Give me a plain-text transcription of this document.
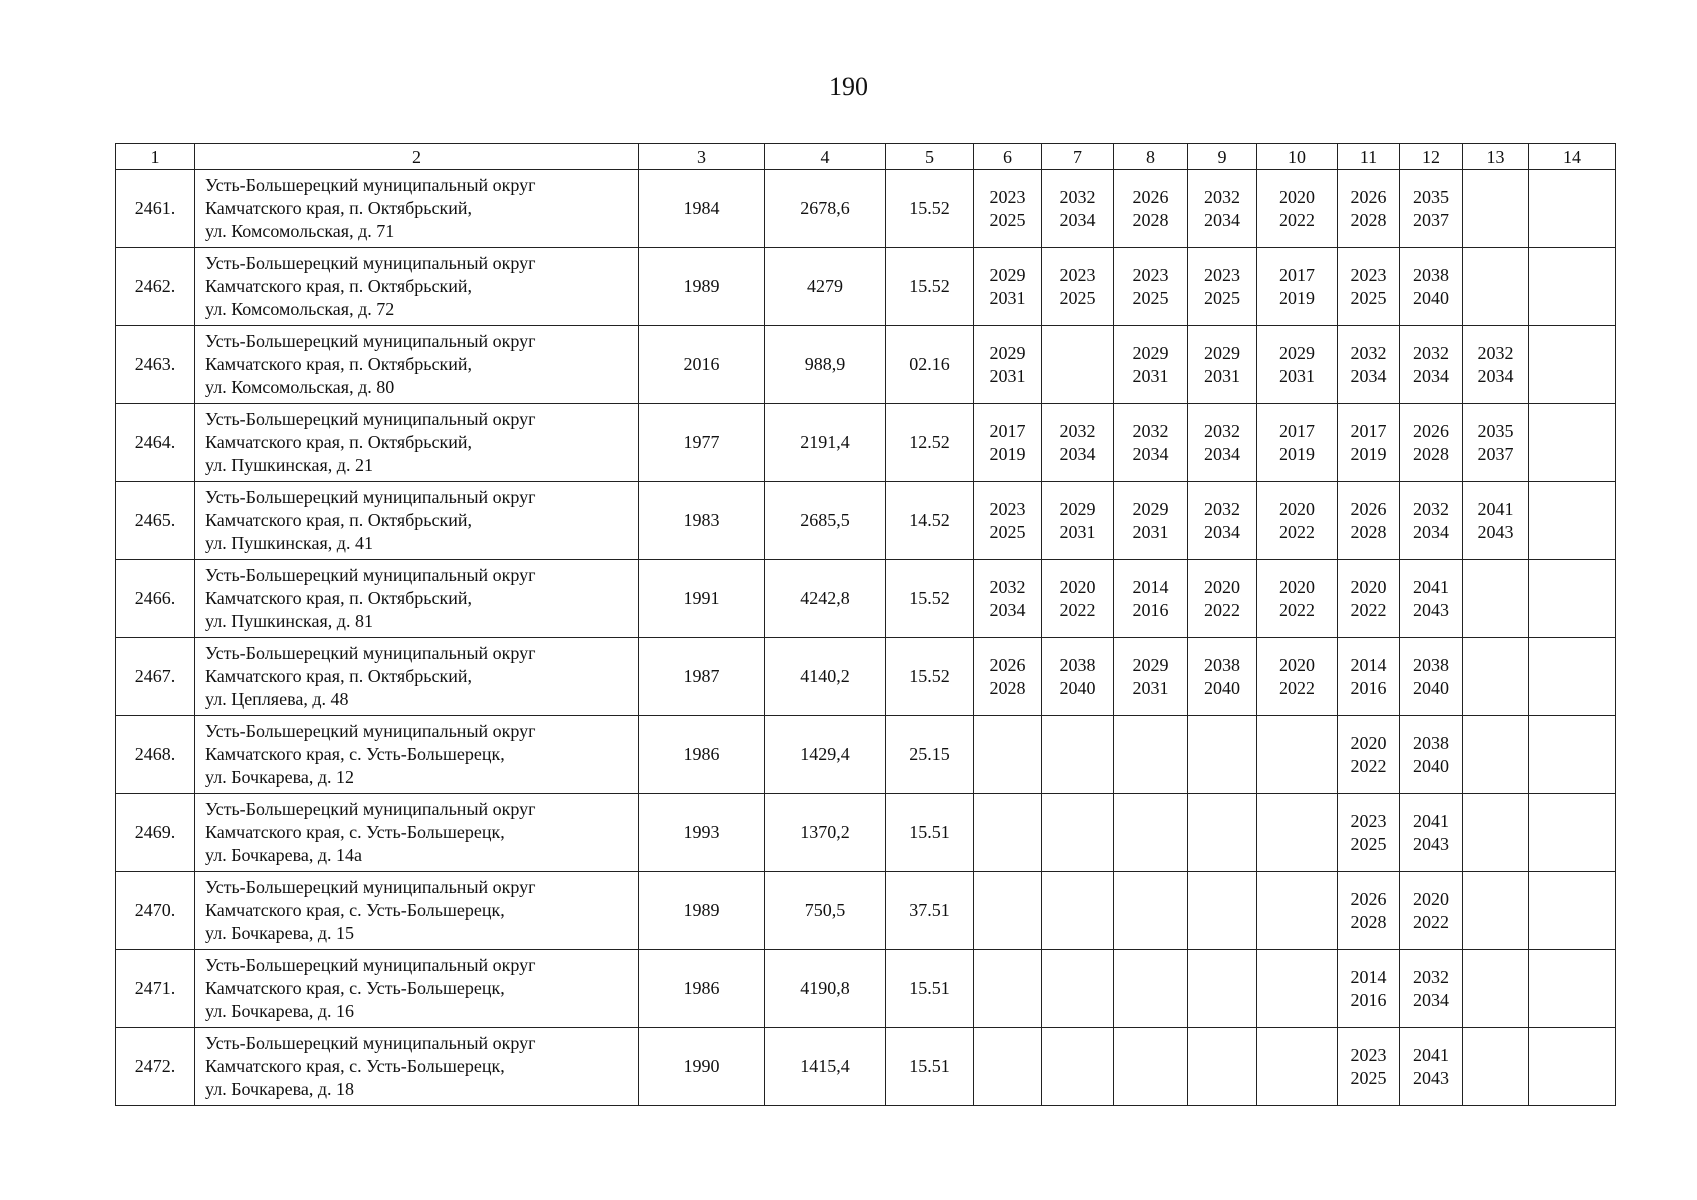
190
1	2	3	4	5	6	7	8	9	10	11	12	13	14
2461.	Усть-Большерецкий муниципальный округ
Камчатского края, п. Октябрьский,
ул. Комсомольская, д. 71	1984	2678,6	15.52	2023
2025	2032
2034	2026
2028	2032
2034	2020
2022	2026
2028	2035
2037		

2462.	Усть-Большерецкий муниципальный округ
Камчатского края, п. Октябрьский,
ул. Комсомольская, д. 72	1989	4279	15.52	2029
2031	2023
2025	2023
2025	2023
2025	2017
2019	2023
2025	2038
2040		

2463.	Усть-Большерецкий муниципальный округ
Камчатского края, п. Октябрьский,
ул. Комсомольская, д. 80	2016	988,9	02.16	2029
2031		2029
2031	2029
2031	2029
2031	2032
2034	2032
2034	2032
2034	

2464.	Усть-Большерецкий муниципальный округ
Камчатского края, п. Октябрьский,
ул. Пушкинская, д. 21	1977	2191,4	12.52	2017
2019	2032
2034	2032
2034	2032
2034	2017
2019	2017
2019	2026
2028	2035
2037	

2465.	Усть-Большерецкий муниципальный округ
Камчатского края, п. Октябрьский,
ул. Пушкинская, д. 41	1983	2685,5	14.52	2023
2025	2029
2031	2029
2031	2032
2034	2020
2022	2026
2028	2032
2034	2041
2043	

2466.	Усть-Большерецкий муниципальный округ
Камчатского края, п. Октябрьский,
ул. Пушкинская, д. 81	1991	4242,8	15.52	2032
2034	2020
2022	2014
2016	2020
2022	2020
2022	2020
2022	2041
2043		

2467.	Усть-Большерецкий муниципальный округ
Камчатского края, п. Октябрьский,
ул. Цепляева, д. 48	1987	4140,2	15.52	2026
2028	2038
2040	2029
2031	2038
2040	2020
2022	2014
2016	2038
2040		

2468.	Усть-Большерецкий муниципальный округ
Камчатского края, с. Усть-Большерецк,
ул. Бочкарева, д. 12	1986	1429,4	25.15						2020
2022	2038
2040		

2469.	Усть-Большерецкий муниципальный округ
Камчатского края, с. Усть-Большерецк,
ул. Бочкарева, д. 14а	1993	1370,2	15.51						2023
2025	2041
2043		

2470.	Усть-Большерецкий муниципальный округ
Камчатского края, с. Усть-Большерецк,
ул. Бочкарева, д. 15	1989	750,5	37.51						2026
2028	2020
2022		

2471.	Усть-Большерецкий муниципальный округ
Камчатского края, с. Усть-Большерецк,
ул. Бочкарева, д. 16	1986	4190,8	15.51						2014
2016	2032
2034		

2472.	Усть-Большерецкий муниципальный округ
Камчатского края, с. Усть-Большерецк,
ул. Бочкарева, д. 18	1990	1415,4	15.51						2023
2025	2041
2043		
